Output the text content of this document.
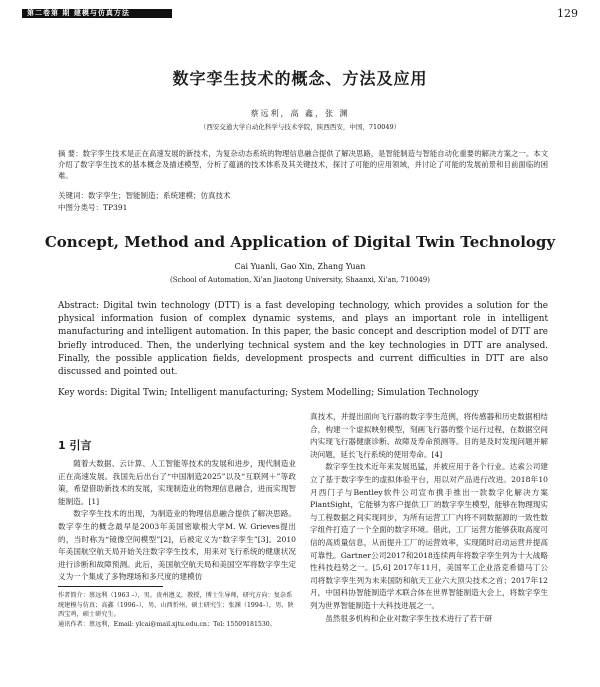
第二卷第 期 建模与仿真方法	129
数字孪生技术的概念、方法及应用
蔡远利，高 鑫，张 渊
（西安交通大学自动化科学与技术学院，陕西西安，中国，710049）
摘 要：数字孪生技术是正在高速发展的新技术，为复杂动态系统的物理信息融合提供了解决思路，是智能制造与智能自动化重要的解决方案之一。本文介绍了数字孪生技术的基本概念及描述模型，分析了蕴涵的技术体系及其关键技术，探讨了可能的应用领域，并讨论了可能的发展前景和目前面临的困难。
关键词：数字孪生；智能制造；系统建模；仿真技术
中图分类号：TP391
Concept, Method and Application of Digital Twin Technology
Cai Yuanli, Gao Xin, Zhang Yuan
(School of Automation, Xi'an Jiaotong University, Shaanxi, Xi'an, 710049)
Abstract: Digital twin technology (DTT) is a fast developing technology, which provides a solution for the physical information fusion of complex dynamic systems, and plays an important role in intelligent manufacturing and intelligent automation. In this paper, the basic concept and description model of DTT are briefly introduced. Then, the underlying technical system and the key technologies in DTT are analysed. Finally, the possible application fields, development prospects and current difficulties in DTT are also discussed and pointed out.
Key words: Digital Twin; Intelligent manufacturing; System Modelling; Simulation Technology
1 引言

随着大数据、云计算、人工智能等技术的发展和进步，现代制造业正在高速发展。我国先后出台了“中国制造2025”以及“互联网＋”等政策，希望借助新技术的发展，实现制造业的物理信息融合，进而实现智能制造。[1]

数字孪生技术的出现，为制造业的物理信息融合提供了解决思路。数字孪生的概念最早是2003年美国密歇根大学M. W. Grieves提出的，当时称为“镜像空间模型”[2]，后被定义为“数字孪生”[3]。2010年美国航空航天局开始关注数字孪生技术，用来对飞行系统的健康状况进行诊断和故障预测。此后，美国航空航天局和美国空军将数字孪生定义为一个集成了多物理场和多尺度的建模仿

真技术，并提出面向飞行器的数字孪生范例，将传感器和历史数据相结合，构建一个虚拟映射模型，刻画飞行器的整个运行过程，在数据空间内实现飞行器健康诊断、故障及寿命预测等。目的是及时发现问题并解决问题，延长飞行系统的使用寿命。[4]

数字孪生技术近年来发展迅猛，并被应用于各个行业。达索公司建立了基于数字孪生的虚拟体验平台，用以对产品进行改进。2018年10月西门子与Bentley软件公司宣布携手推出一款数字化解决方案PlantSight，它能够为客户提供工厂的数字孪生模型，能够在物理现实与工程数据之间实现同步，为所有运营工厂内将不同数据源的一致性数字组件打造了一个全面的数字环境。借此，工厂运营方能够获取高度可信的高质量信息，从而提升工厂的运营效率，实现随时启动运营并提高可靠性。Gartner公司2017和2018连续两年将数字孪生列为十大战略性科技趋势之一。[5,6] 2017年11月，美国军工企业洛克希德马丁公司将数字孪生列为未来国防和航天工业六大顶尖技术之首；2017年12月，中国科协智能制造学术联合体在世界智能制造大会上，将数字孪生列为世界智能制造十大科技进展之一。

虽然很多机构和企业对数字孪生技术进行了若干研

作者简介：蔡远利（1963 –），男，贵州遵义，教授，博士生导师，研究方向：复杂系统建模与仿真；高鑫（1996–），男，山西忻州，硕士研究生；张渊（1994–），男，陕西宝鸡，硕士研究生。
通讯作者：蔡远利，Email: ylcai@mail.xjtu.edu.cn；Tel: 15509181530。
